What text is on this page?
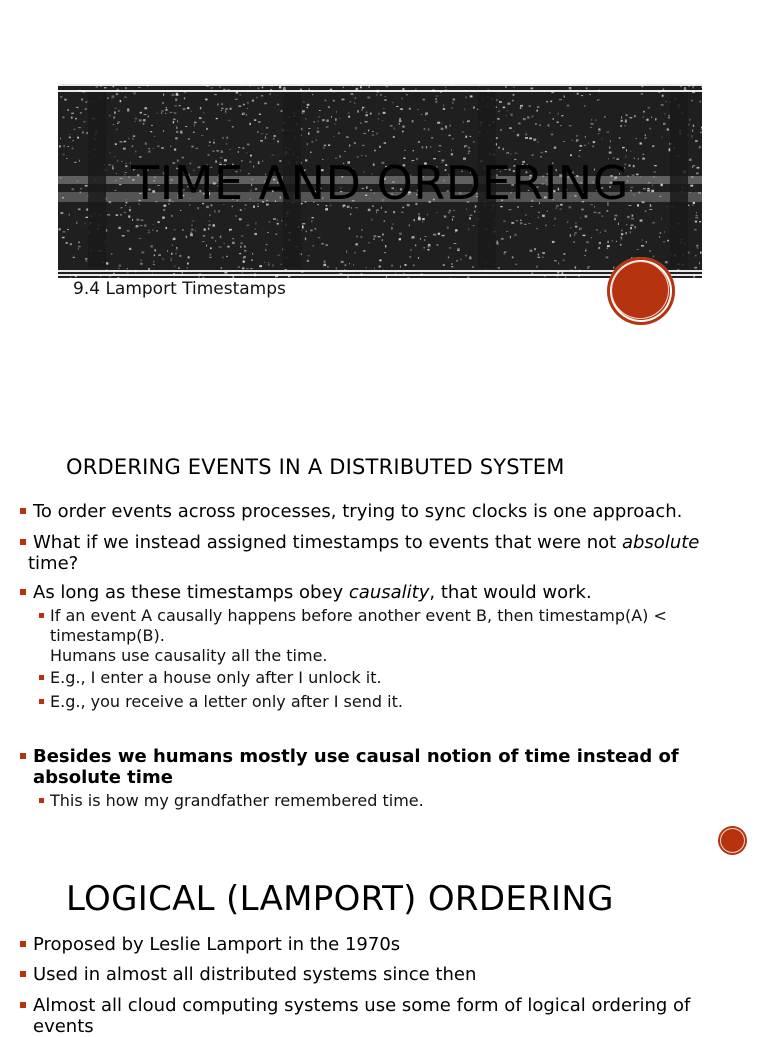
TIME AND ORDERING
9.4 Lamport Timestamps
ORDERING EVENTS IN A DISTRIBUTED SYSTEM
To order events across processes, trying to sync clocks is one approach.
What if we instead assigned timestamps to events that were not absolute
time?
As long as these timestamps obey causality, that would work.
If an event A causally happens before another event B, then timestamp(A) <
timestamp(B).
Humans use causality all the time.
E.g., I enter a house only after I unlock it.
E.g., you receive a letter only after I send it.
Besides we humans mostly use causal notion of time instead of
absolute time
This is how my grandfather remembered time.
LOGICAL (LAMPORT) ORDERING
Proposed by Leslie Lamport in the 1970s
Used in almost all distributed systems since then
Almost all cloud computing systems use some form of logical ordering of
events
